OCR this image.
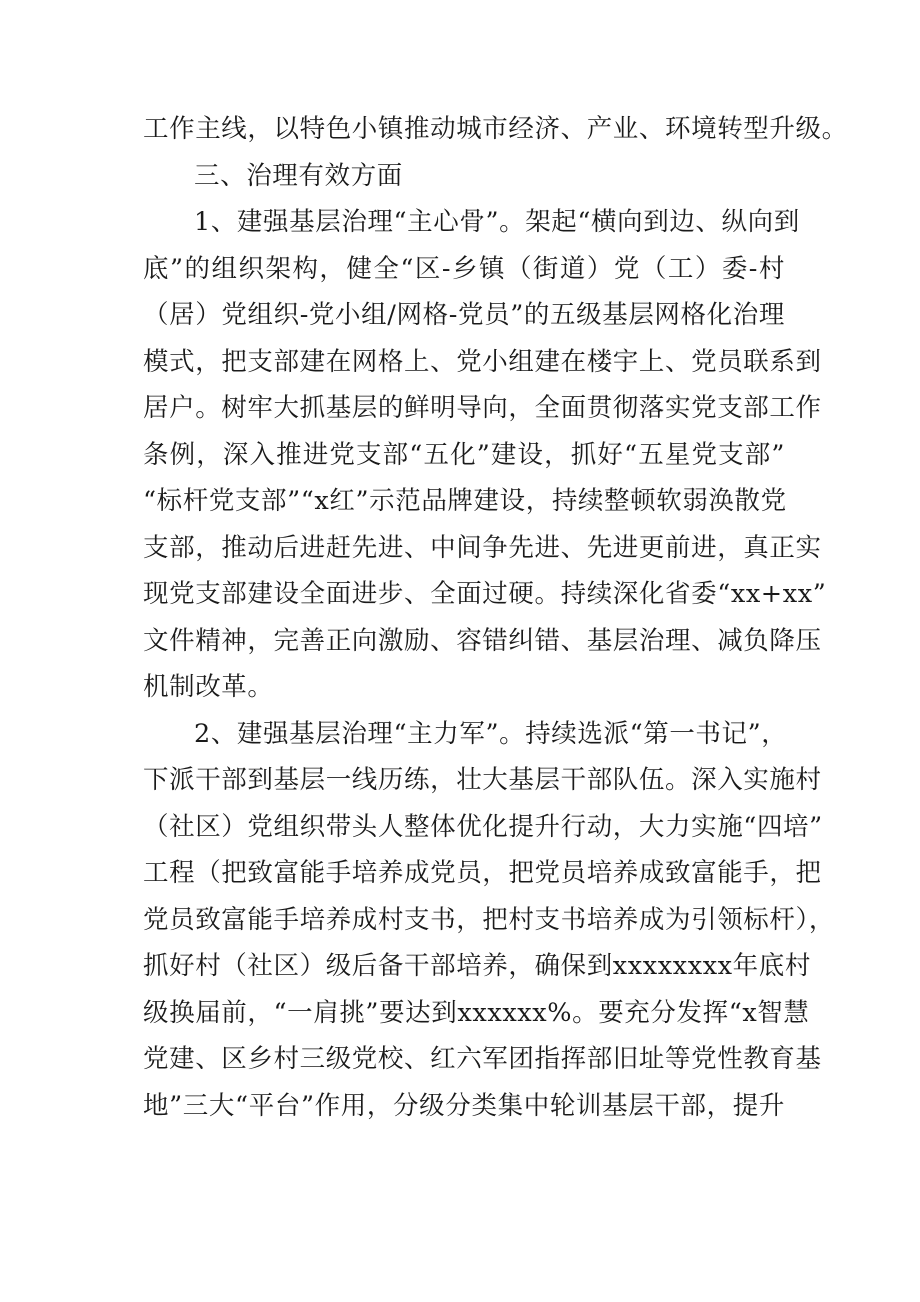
工作主线，以特色小镇推动城市经济、产业、环境转型升级。
三、治理有效方面
1、建强基层治理“主心骨”。架起“横向到边、纵向到
底”的组织架构，健全“区-乡镇（街道）党（工）委-村
（居）党组织-党小组/网格-党员”的五级基层网格化治理
模式，把支部建在网格上、党小组建在楼宇上、党员联系到
居户。树牢大抓基层的鲜明导向，全面贯彻落实党支部工作
条例，深入推进党支部“五化”建设，抓好“五星党支部”
“标杆党支部”“x红”示范品牌建设，持续整顿软弱涣散党
支部，推动后进赶先进、中间争先进、先进更前进，真正实
现党支部建设全面进步、全面过硬。持续深化省委“xx+xx”
文件精神，完善正向激励、容错纠错、基层治理、减负降压
机制改革。
2、建强基层治理“主力军”。持续选派“第一书记”，
下派干部到基层一线历练，壮大基层干部队伍。深入实施村
（社区）党组织带头人整体优化提升行动，大力实施“四培”
工程（把致富能手培养成党员，把党员培养成致富能手，把
党员致富能手培养成村支书，把村支书培养成为引领标杆），
抓好村（社区）级后备干部培养，确保到xxxxxxxx年底村
级换届前，“一肩挑”要达到xxxxxx%。要充分发挥“x智慧
党建、区乡村三级党校、红六军团指挥部旧址等党性教育基
地”三大“平台”作用，分级分类集中轮训基层干部，提升
